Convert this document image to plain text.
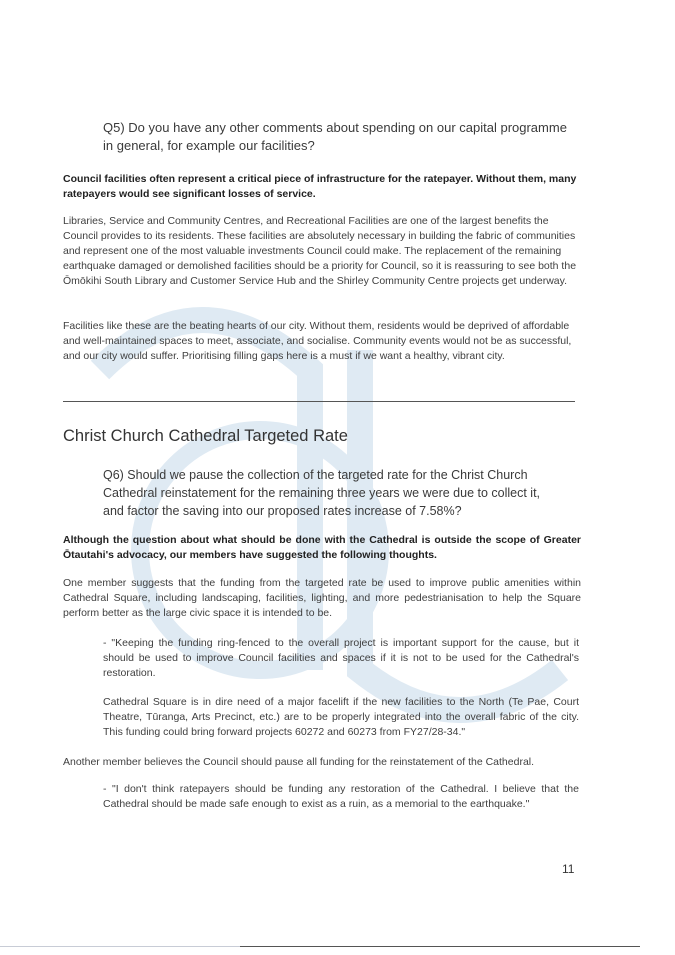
Q5) Do you have any other comments about spending on our capital programme in general, for example our facilities?

Council facilities often represent a critical piece of infrastructure for the ratepayer. Without them, many ratepayers would see significant losses of service.

Libraries, Service and Community Centres, and Recreational Facilities are one of the largest benefits the Council provides to its residents. These facilities are absolutely necessary in building the fabric of communities and represent one of the most valuable investments Council could make. The replacement of the remaining earthquake damaged or demolished facilities should be a priority for Council, so it is reassuring to see both the Ōmōkihi South Library and Customer Service Hub and the Shirley Community Centre projects get underway.

Facilities like these are the beating hearts of our city. Without them, residents would be deprived of affordable and well-maintained spaces to meet, associate, and socialise. Community events would not be as successful, and our city would suffer. Prioritising filling gaps here is a must if we want a healthy, vibrant city.

Christ Church Cathedral Targeted Rate

Q6) Should we pause the collection of the targeted rate for the Christ Church Cathedral reinstatement for the remaining three years we were due to collect it, and factor the saving into our proposed rates increase of 7.58%?

Although the question about what should be done with the Cathedral is outside the scope of Greater Ōtautahi's advocacy, our members have suggested the following thoughts.

One member suggests that the funding from the targeted rate be used to improve public amenities within Cathedral Square, including landscaping, facilities, lighting, and more pedestrianisation to help the Square perform better as the large civic space it is intended to be.

- "Keeping the funding ring-fenced to the overall project is important support for the cause, but it should be used to improve Council facilities and spaces if it is not to be used for the Cathedral's restoration.

Cathedral Square is in dire need of a major facelift if the new facilities to the North (Te Pae, Court Theatre, Tūranga, Arts Precinct, etc.) are to be properly integrated into the overall fabric of the city. This funding could bring forward projects 60272 and 60273 from FY27/28-34."

Another member believes the Council should pause all funding for the reinstatement of the Cathedral.

- "I don't think ratepayers should be funding any restoration of the Cathedral. I believe that the Cathedral should be made safe enough to exist as a ruin, as a memorial to the earthquake."

11
